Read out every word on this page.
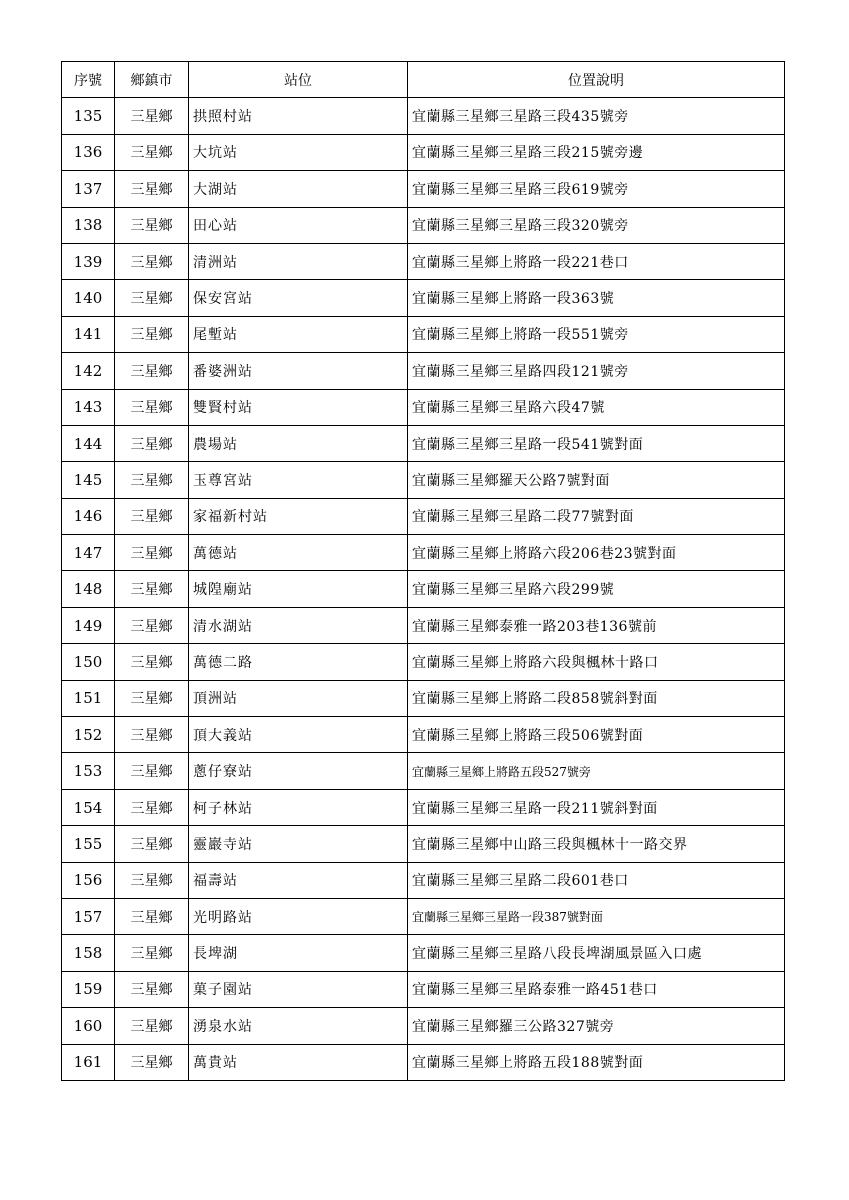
序號	鄉鎮市	站位	位置說明
135	三星鄉	拱照村站	宜蘭縣三星鄉三星路三段435號旁
136	三星鄉	大坑站	宜蘭縣三星鄉三星路三段215號旁邊
137	三星鄉	大湖站	宜蘭縣三星鄉三星路三段619號旁
138	三星鄉	田心站	宜蘭縣三星鄉三星路三段320號旁
139	三星鄉	清洲站	宜蘭縣三星鄉上將路一段221巷口
140	三星鄉	保安宮站	宜蘭縣三星鄉上將路一段363號
141	三星鄉	尾塹站	宜蘭縣三星鄉上將路一段551號旁
142	三星鄉	番婆洲站	宜蘭縣三星鄉三星路四段121號旁
143	三星鄉	雙賢村站	宜蘭縣三星鄉三星路六段47號
144	三星鄉	農場站	宜蘭縣三星鄉三星路一段541號對面
145	三星鄉	玉尊宮站	宜蘭縣三星鄉羅天公路7號對面
146	三星鄉	家福新村站	宜蘭縣三星鄉三星路二段77號對面
147	三星鄉	萬德站	宜蘭縣三星鄉上將路六段206巷23號對面
148	三星鄉	城隍廟站	宜蘭縣三星鄉三星路六段299號
149	三星鄉	清水湖站	宜蘭縣三星鄉泰雅一路203巷136號前
150	三星鄉	萬德二路	宜蘭縣三星鄉上將路六段與楓林十路口
151	三星鄉	頂洲站	宜蘭縣三星鄉上將路二段858號斜對面
152	三星鄉	頂大義站	宜蘭縣三星鄉上將路三段506號對面
153	三星鄉	蔥仔寮站	宜蘭縣三星鄉上將路五段527號旁
154	三星鄉	柯子林站	宜蘭縣三星鄉三星路一段211號斜對面
155	三星鄉	靈巖寺站	宜蘭縣三星鄉中山路三段與楓林十一路交界
156	三星鄉	福壽站	宜蘭縣三星鄉三星路二段601巷口
157	三星鄉	光明路站	宜蘭縣三星鄉三星路一段387號對面
158	三星鄉	長埤湖	宜蘭縣三星鄉三星路八段長埤湖風景區入口處
159	三星鄉	菓子園站	宜蘭縣三星鄉三星路泰雅一路451巷口
160	三星鄉	湧泉水站	宜蘭縣三星鄉羅三公路327號旁
161	三星鄉	萬貴站	宜蘭縣三星鄉上將路五段188號對面
